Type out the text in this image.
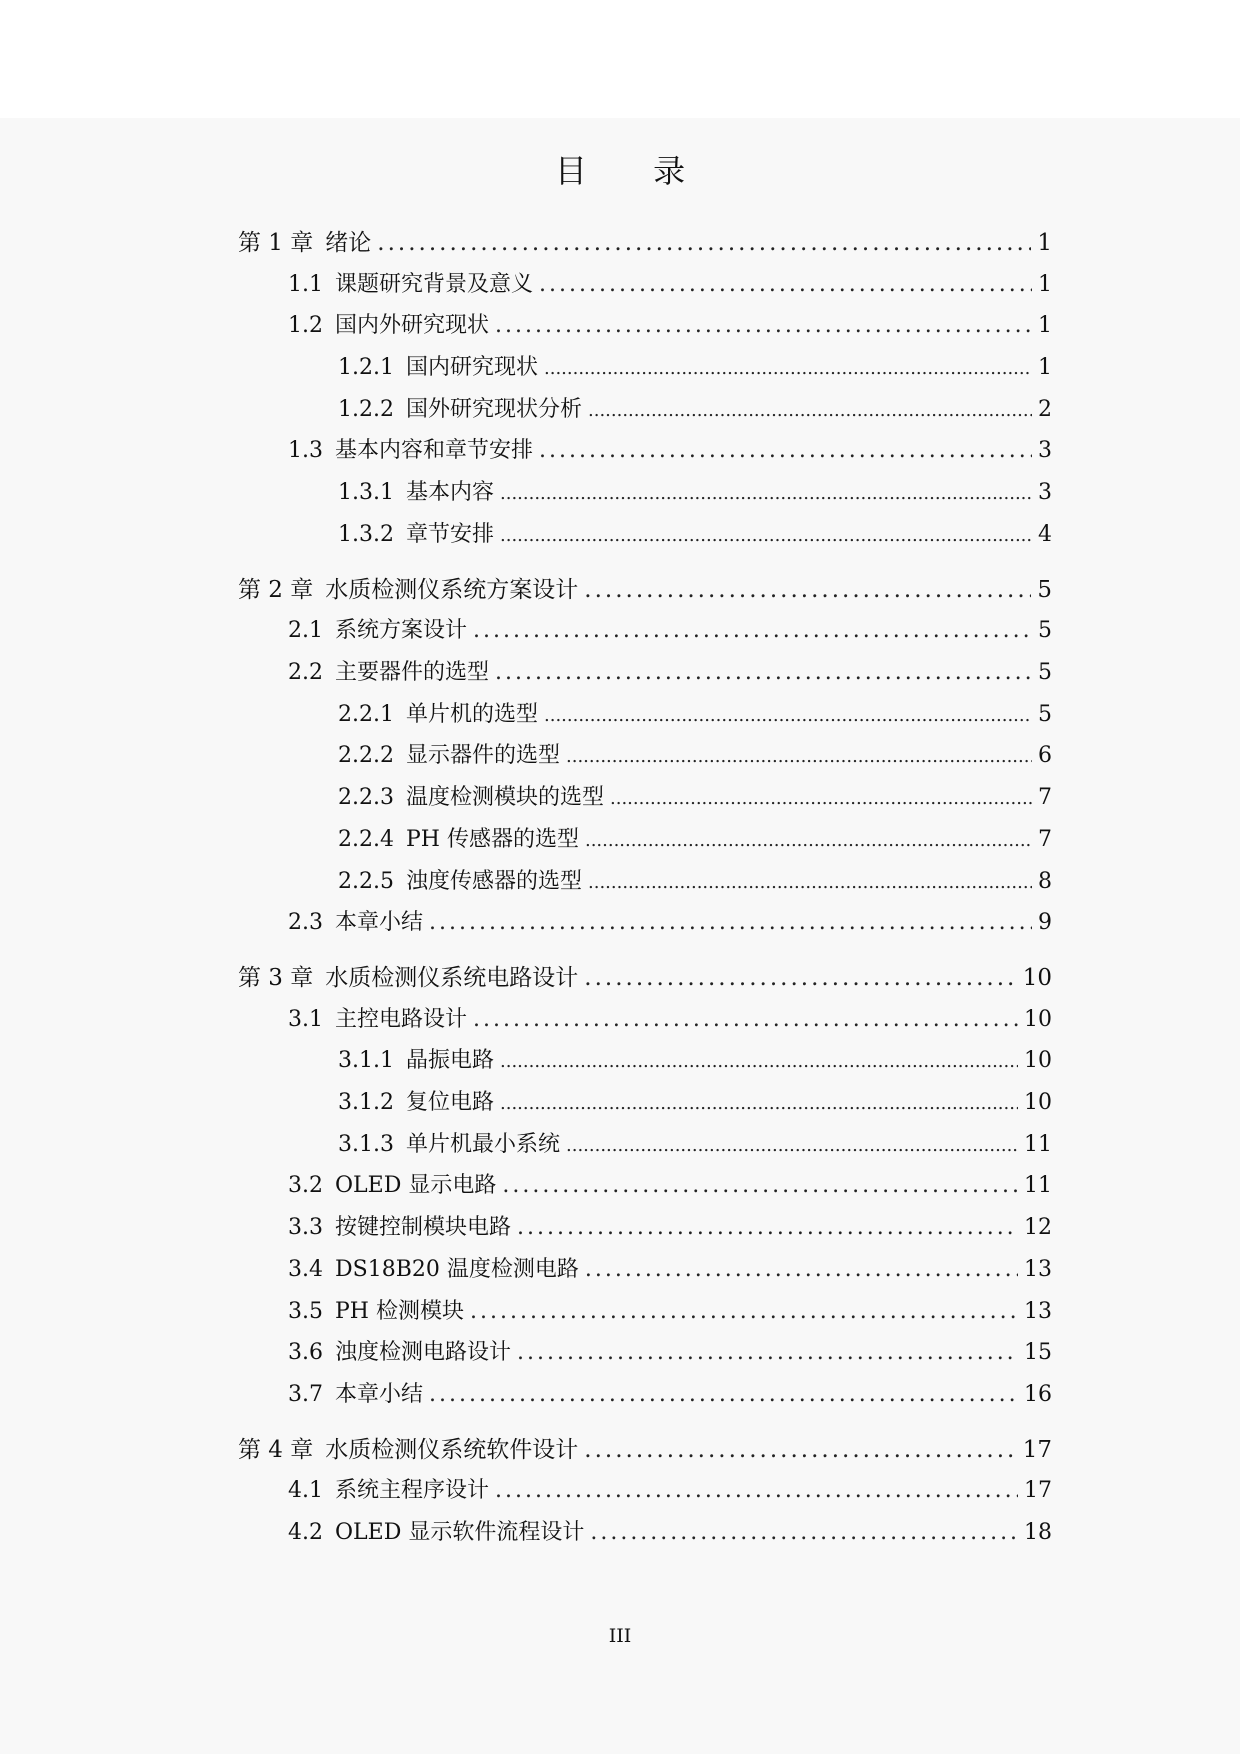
目 录
第 1 章 绪论 .....	1
1.1 课题研究背景及意义 .....	1
1.2 国内外研究现状 .....	1
1.2.1 国内研究现状 .....	1
1.2.2 国外研究现状分析 .....	2
1.3 基本内容和章节安排 .....	3
1.3.1 基本内容 .....	3
1.3.2 章节安排 .....	4
第 2 章 水质检测仪系统方案设计 .....	5
2.1 系统方案设计 .....	5
2.2 主要器件的选型 .....	5
2.2.1 单片机的选型 .....	5
2.2.2 显示器件的选型 .....	6
2.2.3 温度检测模块的选型 .....	7
2.2.4 PH 传感器的选型 .....	7
2.2.5 浊度传感器的选型 .....	8
2.3 本章小结 .....	9
第 3 章 水质检测仪系统电路设计 .....	10
3.1 主控电路设计 .....	10
3.1.1 晶振电路 .....	10
3.1.2 复位电路 .....	10
3.1.3 单片机最小系统 .....	11
3.2 OLED 显示电路 .....	11
3.3 按键控制模块电路 .....	12
3.4 DS18B20 温度检测电路 .....	13
3.5 PH 检测模块 .....	13
3.6 浊度检测电路设计 .....	15
3.7 本章小结 .....	16
第 4 章 水质检测仪系统软件设计 .....	17
4.1 系统主程序设计 .....	17
4.2 OLED 显示软件流程设计 .....	18
III
